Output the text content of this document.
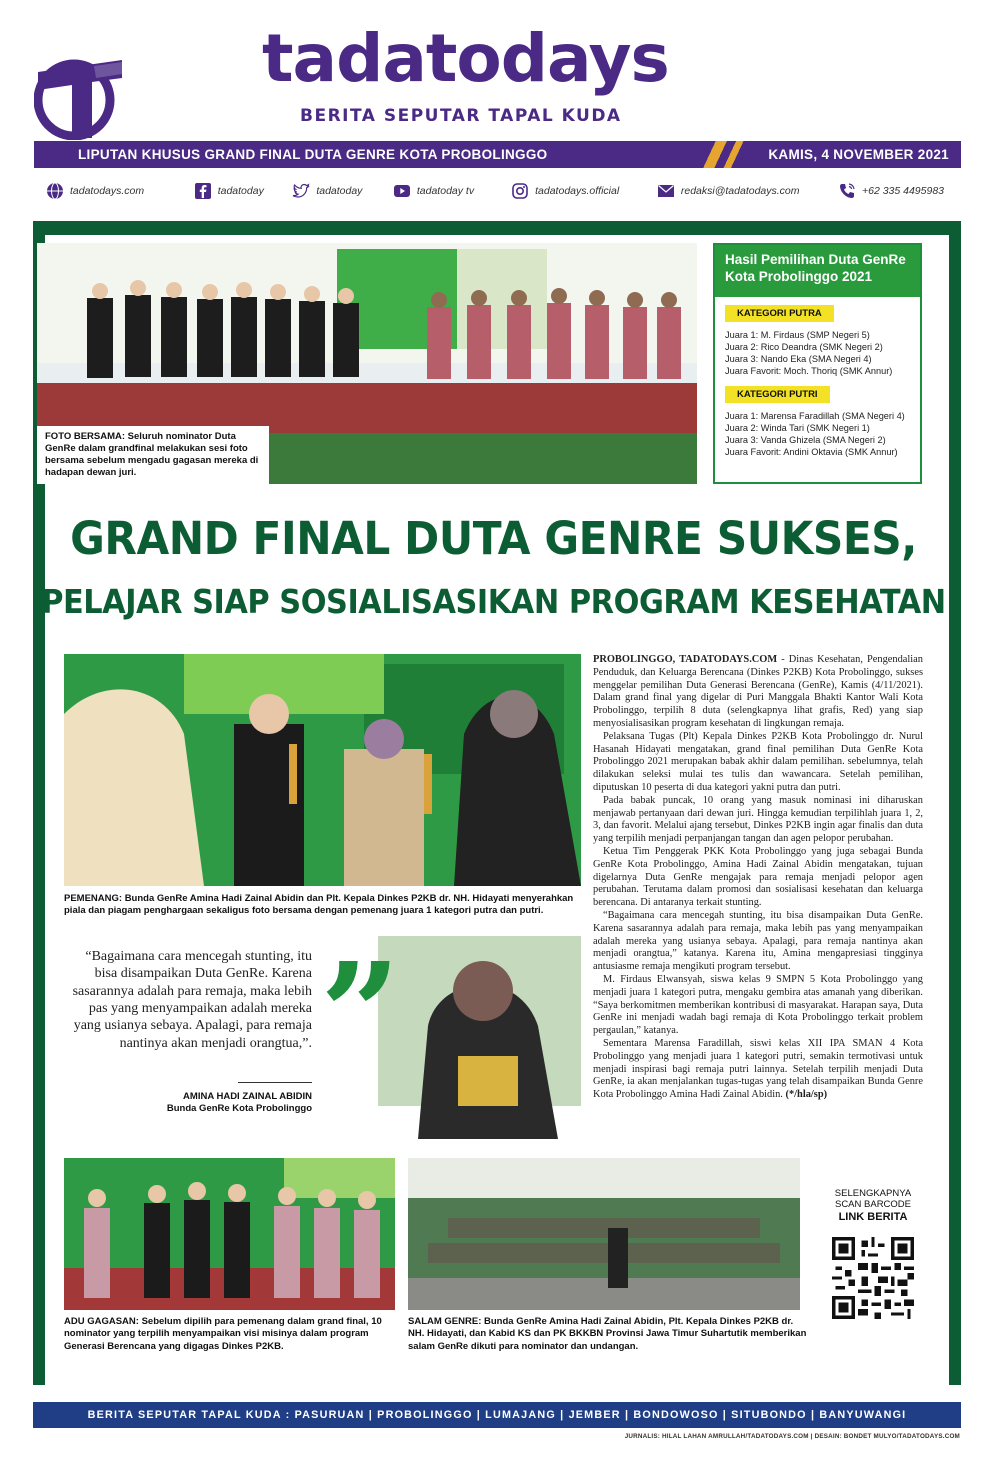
tadatodays
BERITA SEPUTAR TAPAL KUDA
LIPUTAN KHUSUS GRAND FINAL DUTA GENRE KOTA PROBOLINGGO	KAMIS, 4 NOVEMBER 2021
tadatodays.com	tadatoday	tadatoday	tadatoday tv	tadatodays.official	redaksi@tadatodays.com	+62 335 4495983
FOTO BERSAMA: Seluruh nominator Duta GenRe dalam grandfinal melakukan sesi foto bersama sebelum mengadu gagasan mereka di hadapan dewan juri.
Hasil Pemilihan Duta GenRe Kota Probolinggo 2021
KATEGORI PUTRA
Juara 1: M. Firdaus (SMP Negeri 5)
Juara 2: Rico Deandra (SMK Negeri 2)
Juara 3: Nando Eka (SMA Negeri 4)
Juara Favorit: Moch. Thoriq (SMK Annur)
KATEGORI PUTRI
Juara 1: Marensa Faradillah (SMA Negeri 4)
Juara 2: Winda Tari (SMK Negeri 1)
Juara 3: Vanda Ghizela (SMA Negeri 2)
Juara Favorit: Andini Oktavia (SMK Annur)
GRAND FINAL DUTA GENRE SUKSES,
PELAJAR SIAP SOSIALISASIKAN PROGRAM KESEHATAN
PEMENANG: Bunda GenRe Amina Hadi Zainal Abidin dan Plt. Kepala Dinkes P2KB dr. NH. Hidayati menyerahkan piala dan piagam penghargaan sekaligus foto bersama dengan pemenang juara 1 kategori putra dan putri.
”
“Bagaimana cara mencegah stunting, itu bisa disampaikan Duta GenRe. Karena sasarannya adalah para remaja, maka lebih pas yang menyampaikan adalah mereka yang usianya sebaya. Apalagi, para remaja nantinya akan menjadi orangtua,”.
AMINA HADI ZAINAL ABIDIN
Bunda GenRe Kota Probolinggo

PROBOLINGGO, TADATODAYS.COM - Dinas Kesehatan, Pengendalian Penduduk, dan Keluarga Berencana (Dinkes P2KB) Kota Probolinggo, sukses menggelar pemilihan Duta Generasi Berencana (GenRe), Kamis (4/11/2021). Dalam grand final yang digelar di Puri Manggala Bhakti Kantor Wali Kota Probolinggo, terpilih 8 duta (selengkapnya lihat grafis, Red) yang siap menyosialisasikan program kesehatan di lingkungan remaja.

Pelaksana Tugas (Plt) Kepala Dinkes P2KB Kota Probolinggo dr. Nurul Hasanah Hidayati mengatakan, grand final pemilihan Duta GenRe Kota Probolinggo 2021 merupakan babak akhir dalam pemilihan. sebelumnya, telah dilakukan seleksi mulai tes tulis dan wawancara. Setelah pemilihan, diputuskan 10 peserta di dua kategori yakni putra dan putri.

Pada babak puncak, 10 orang yang masuk nominasi ini diharuskan menjawab pertanyaan dari dewan juri. Hingga kemudian terpilihlah juara 1, 2, 3, dan favorit. Melalui ajang tersebut, Dinkes P2KB ingin agar finalis dan duta yang terpilih menjadi perpanjangan tangan dan agen pelopor perubahan.

Ketua Tim Penggerak PKK Kota Probolinggo yang juga sebagai Bunda GenRe Kota Probolinggo, Amina Hadi Zainal Abidin mengatakan, tujuan digelarnya Duta GenRe mengajak para remaja menjadi pelopor agen perubahan. Terutama dalam promosi dan sosialisasi kesehatan dan keluarga berencana. Di antaranya terkait stunting.

“Bagaimana cara mencegah stunting, itu bisa disampaikan Duta GenRe. Karena sasarannya adalah para remaja, maka lebih pas yang menyampaikan adalah mereka yang usianya sebaya. Apalagi, para remaja nantinya akan menjadi orangtua,” katanya. Karena itu, Amina mengapresiasi tingginya antusiasme remaja mengikuti program tersebut.

M. Firdaus Elwansyah, siswa kelas 9 SMPN 5 Kota Probolinggo yang menjadi juara 1 kategori putra, mengaku gembira atas amanah yang diberikan. “Saya berkomitmen memberikan kontribusi di masyarakat. Harapan saya, Duta GenRe ini menjadi wadah bagi remaja di Kota Probolinggo terkait problem pergaulan,” katanya.

Sementara Marensa Faradillah, siswi kelas XII IPA SMAN 4 Kota Probolinggo yang menjadi juara 1 kategori putri, semakin termotivasi untuk menjadi inspirasi bagi remaja putri lainnya. Setelah terpilih menjadi Duta GenRe, ia akan menjalankan tugas-tugas yang telah disampaikan Bunda Genre Kota Probolinggo Amina Hadi Zainal Abidin. (*/hla/sp)

ADU GAGASAN: Sebelum dipilih para pemenang dalam grand final, 10 nominator yang terpilih menyampaikan visi misinya dalam program Generasi Berencana yang digagas Dinkes P2KB.
SALAM GENRE: Bunda GenRe Amina Hadi Zainal Abidin, Plt. Kepala Dinkes P2KB dr. NH. Hidayati, dan Kabid KS dan PK BKKBN Provinsi Jawa Timur Suhartutik memberikan salam GenRe dikuti para nominator dan undangan.
SELENGKAPNYA
SCAN BARCODE
LINK BERITA
BERITA SEPUTAR TAPAL KUDA : PASURUAN | PROBOLINGGO | LUMAJANG | JEMBER | BONDOWOSO | SITUBONDO | BANYUWANGI
JURNALIS: HILAL LAHAN AMRULLAH/TADATODAYS.COM | DESAIN: BONDET MULYO/TADATODAYS.COM
